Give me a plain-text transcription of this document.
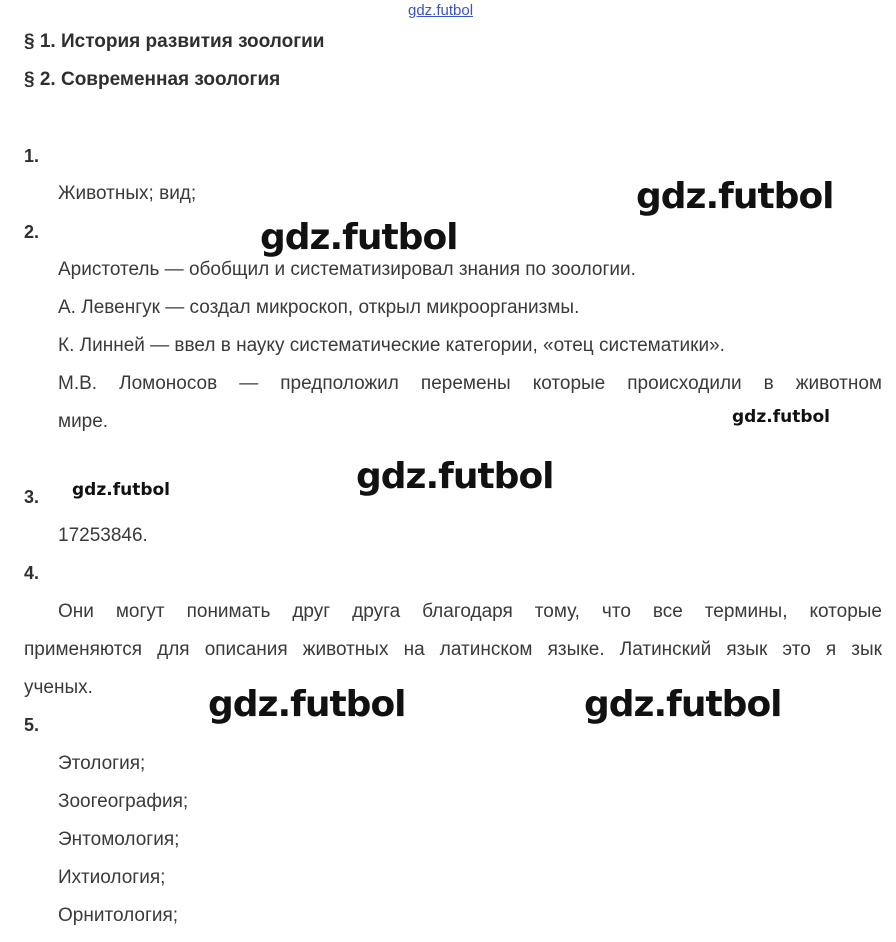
gdz.futbol
§ 1. История развития зоологии
§ 2. Современная зоология
1.
Животных; вид;
2.
Аристотель — обобщил и систематизировал знания по зоологии.
А. Левенгук — создал микроскоп, открыл микроорганизмы.
К. Линней — ввел в науку систематические категории, «отец систематики».
М.В. Ломоносов — предположил перемены которые происходили в животном
мире.
3.
17253846.
4.
Они могут понимать друг друга благодаря тому, что все термины, которые
применяются для описания животных на латинском языке. Латинский язык это я зык
ученых.
5.
Этология;
Зоогеография;
Энтомология;
Ихтиология;
Орнитология;
gdz.futbol
gdz.futbol
gdz.futbol
gdz.futbol
gdz.futbol
gdz.futbol	gdz.futbol
